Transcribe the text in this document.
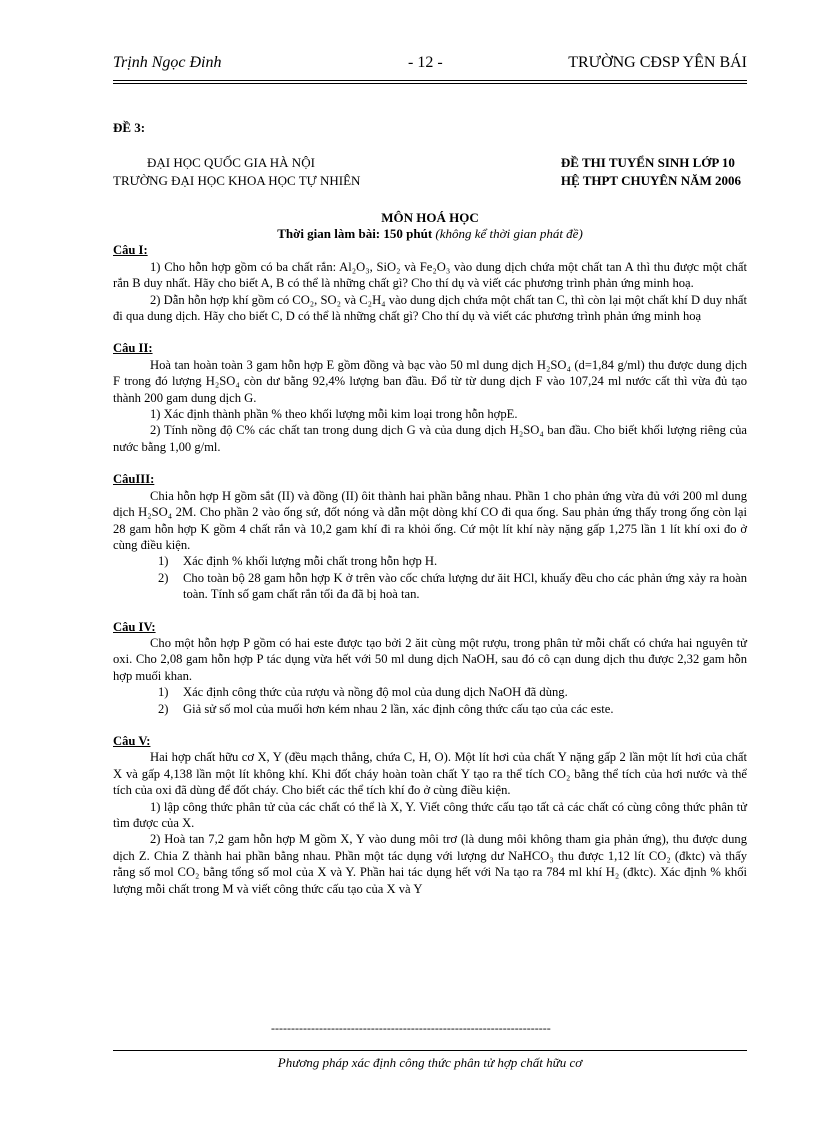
Trịnh Ngọc Đinh	- 12 -	TRƯỜNG CĐSP YÊN BÁI
ĐỀ 3:
ĐẠI HỌC QUỐC GIA HÀ NỘI
TRƯỜNG ĐẠI HỌC KHOA HỌC TỰ NHIÊN
ĐỀ THI TUYỂN SINH LỚP 10
HỆ THPT CHUYÊN NĂM 2006
MÔN HOÁ HỌC
Thời gian làm bài: 150 phút (không kể thời gian phát đề)
Câu I:

1) Cho hỗn hợp gồm có ba chất rắn: Al₂O₃, SiO₂ và Fe₂O₃ vào dung dịch chứa một chất tan A thì thu được một chất rắn B duy nhất. Hãy cho biết A, B có thể là những chất gì? Cho thí dụ và viết các phương trình phản ứng minh hoạ.

2) Dẫn hỗn hợp khí gồm có CO₂, SO₂ và C₂H₄ vào dung dịch chứa một chất tan C, thì còn lại một chất khí D duy nhất đi qua dung dịch. Hãy cho biết C, D có thể là những chất gì? Cho thí dụ và viết các phương trình phản ứng minh hoạ

Câu II:

Hoà tan hoàn toàn 3 gam hỗn hợp E gồm đồng và bạc vào 50 ml dung dịch H₂SO₄ (d=1,84 g/ml) thu được dung dịch F trong đó lượng H₂SO₄ còn dư bằng 92,4% lượng ban đầu. Đổ từ từ dung dịch F vào 107,24 ml nước cất thì vừa đủ tạo thành 200 gam dung dịch G.

1) Xác định thành phần % theo khối lượng mỗi kim loại trong hỗn hợpE.

2) Tính nồng độ C% các chất tan trong dung dịch G và của dung dịch H₂SO₄ ban đầu. Cho biết khối lượng riêng của nước bằng 1,00 g/ml.

CâuIII:

Chia hỗn hợp H gồm sắt (II) và đồng (II) ôit thành hai phần bằng nhau. Phần 1 cho phản ứng vừa đủ với 200 ml dung dịch H₂SO₄ 2M. Cho phần 2 vào ống sứ, đốt nóng và dẫn một dòng khí CO đi qua ống. Sau phản ứng thấy trong ống còn lại 28 gam hỗn hợp K gồm 4 chất rắn và 10,2 gam khí đi ra khỏi ống. Cứ một lít khí này nặng gấp 1,275 lần 1 lít khí oxi đo ở cùng điều kiện.

1) Xác định % khối lượng mỗi chất trong hỗn hợp H.
2) Cho toàn bộ 28 gam hỗn hợp K ở trên vào cốc chứa lượng dư ăit HCl, khuấy đều cho các phản ứng xảy ra hoàn toàn. Tính số gam chất rắn tối đa đã bị hoà tan.
Câu IV:

Cho một hỗn hợp P gồm có hai este được tạo bởi 2 ăit cùng một rượu, trong phân tử mỗi chất có chứa hai nguyên tử oxi. Cho 2,08 gam hỗn hợp P tác dụng vừa hết với 50 ml dung dịch NaOH, sau đó cô cạn dung dịch thu được 2,32 gam hỗn hợp muối khan.

1) Xác định công thức của rượu và nồng độ mol của dung dịch NaOH đã dùng.
2) Giả sử số mol của muối hơn kém nhau 2 lần, xác định công thức cấu tạo của các este.
Câu V:

Hai hợp chất hữu cơ X, Y (đều mạch thẳng, chứa C, H, O). Một lít hơi của chất Y nặng gấp 2 lần một lít hơi của chất X và gấp 4,138 lần một lít không khí. Khi đốt cháy hoàn toàn chất Y tạo ra thể tích CO₂ bằng thể tích của hơi nước và thể tích của oxi đã dùng để đốt cháy. Cho biết các thể tích khí đo ở cùng điều kiện.

1) lập công thức phân tử của các chất có thể là X, Y. Viết công thức cấu tạo tất cả các chất có cùng công thức phân tử tìm được của X.

2) Hoà tan 7,2 gam hỗn hợp M gồm X, Y vào dung môi trơ (là dung môi không tham gia phản ứng), thu được dung dịch Z. Chia Z thành hai phần bằng nhau. Phần một tác dụng với lượng dư NaHCO₃ thu được 1,12 lít CO₂ (đktc) và thấy rằng số mol CO₂ bằng tổng số mol của X và Y. Phần hai tác dụng hết với Na tạo ra 784 ml khí H₂ (đktc). Xác định % khối lượng mỗi chất trong M và viết công thức cấu tạo của X và Y

----------------------------------------------------------------------
Phương pháp xác định công thức phân tử hợp chất hữu cơ
